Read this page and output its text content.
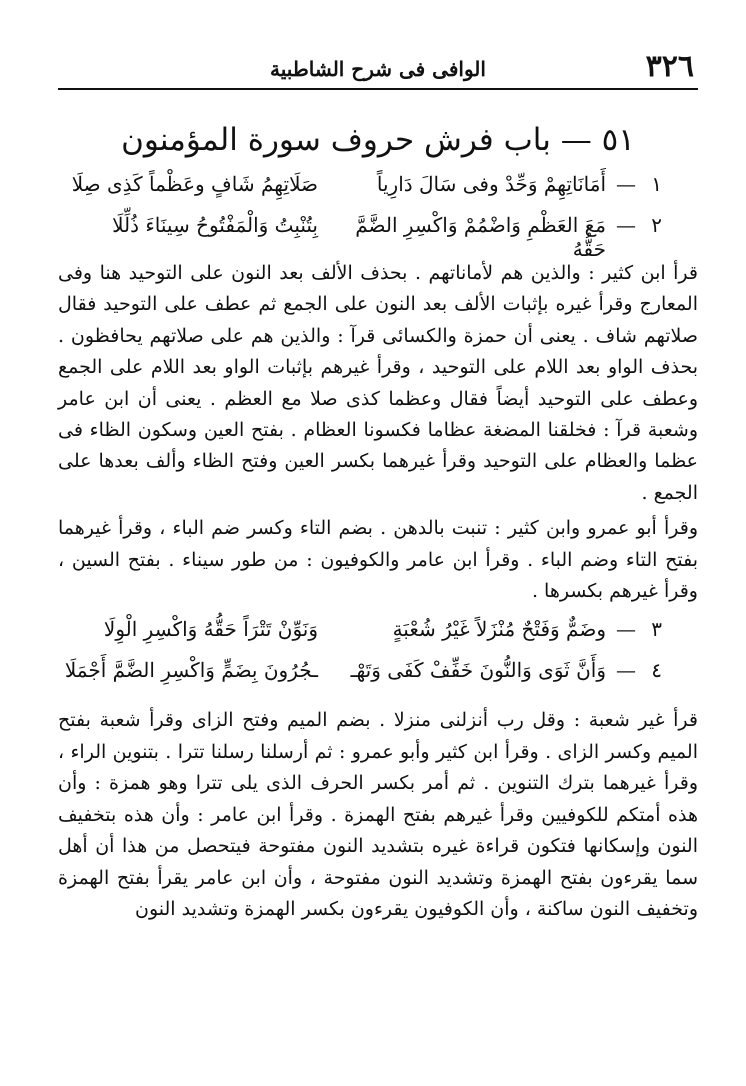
٣٢٦
الوافى فى شرح الشاطبية
٥١ — باب فرش حروف سورة المؤمنون
١
—
أَمَانَاتِهِمْ وَحِّدْ وفى سَالَ دَارِياً
صَلَاتِهِمُ شَافٍ وعَظْماً كَذِى صِلَا
٢
—
مَعَ العَظْمِ وَاضْمُمْ وَاكْسِرِ الضَّمَّ حَقُّهُ
بِتُنْبِتُ وَالْمَفْتُوحُ سِينَاءَ ذُلِّلَا

قرأ ابن كثير : والذين هم لأماناتهم . بحذف الألف بعد النون على التوحيد هنا وفى المعارج وقرأ غيره بإثبات الألف بعد النون على الجمع ثم عطف على التوحيد فقال صلاتهم شاف . يعنى أن حمزة والكسائى قرآ : والذين هم على صلاتهم يحافظون . بحذف الواو بعد اللام على التوحيد ، وقرأ غيرهم بإثبات الواو بعد اللام على الجمع وعطف على التوحيد أيضاً فقال وعظما كذى صلا مع العظم . يعنى أن ابن عامر وشعبة قرآ : فخلقنا المضغة عظاما فكسونا العظام . بفتح العين وسكون الظاء فى عظما والعظام على التوحيد وقرأ غيرهما بكسر العين وفتح الظاء وألف بعدها على الجمع .

وقرأ أبو عمرو وابن كثير : تنبت بالدهن . بضم التاء وكسر ضم الباء ، وقرأ غيرهما بفتح التاء وضم الباء . وقرأ ابن عامر والكوفيون : من طور سيناء . بفتح السين ، وقرأ غيرهم بكسرها .

٣
—
وضَمٌّ وَفَتْحٌ مُنْزَلاً غَيْرُ شُعْبَةٍ
وَنَوِّنْ تَتْرَاً حَقُّهُ وَاكْسِرِ الْوِلَا
٤
—
وَأَنَّ ثَوَى وَالنُّونَ خَفِّفْ كَفَى وَتَهْـ
ـجُرُونَ بِضَمٍّ وَاكْسِرِ الضَّمَّ أَجْمَلَا

قرأ غير شعبة : وقل رب أنزلنى منزلا . بضم الميم وفتح الزاى وقرأ شعبة بفتح الميم وكسر الزاى . وقرأ ابن كثير وأبو عمرو : ثم أرسلنا رسلنا تترا . بتنوين الراء ، وقرأ غيرهما بترك التنوين . ثم أمر بكسر الحرف الذى يلى تترا وهو همزة : وأن هذه أمتكم للكوفيين وقرأ غيرهم بفتح الهمزة . وقرأ ابن عامر : وأن هذه بتخفيف النون وإسكانها فتكون قراءة غيره بتشديد النون مفتوحة فيتحصل من هذا أن أهل سما يقرءون بفتح الهمزة وتشديد النون مفتوحة ، وأن ابن عامر يقرأ بفتح الهمزة وتخفيف النون ساكنة ، وأن الكوفيون يقرءون بكسر الهمزة وتشديد النون
